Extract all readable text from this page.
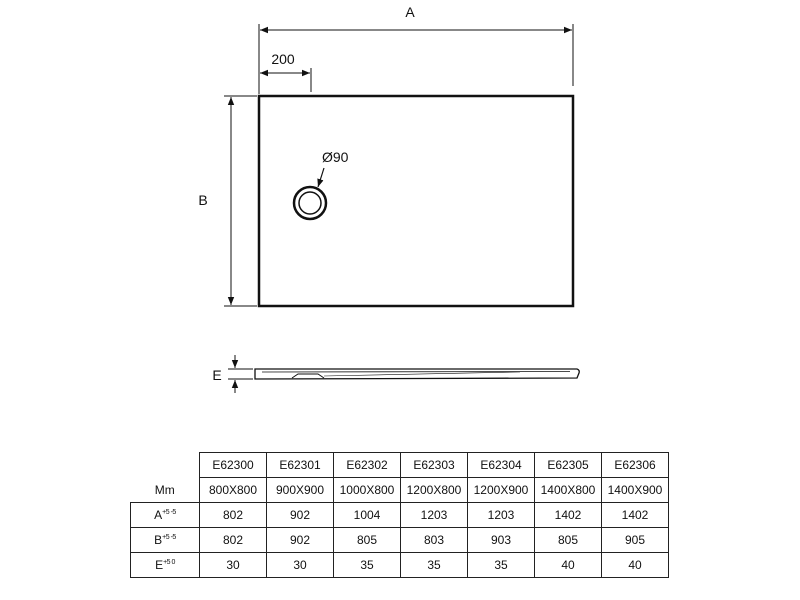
Ø90
A
200
B
E
	E62300	E62301	E62302	E62303	E62304	E62305	E62306
Mm	800X800	900X900	1000X800	1200X800	1200X900	1400X800	1400X900
$A^{+5 -5}$	802	902	1004	1203	1203	1402	1402
$B^{+5 -5}$	802	902	805	803	903	805	905
$E^{+5 0}$	30	30	35	35	35	40	40
